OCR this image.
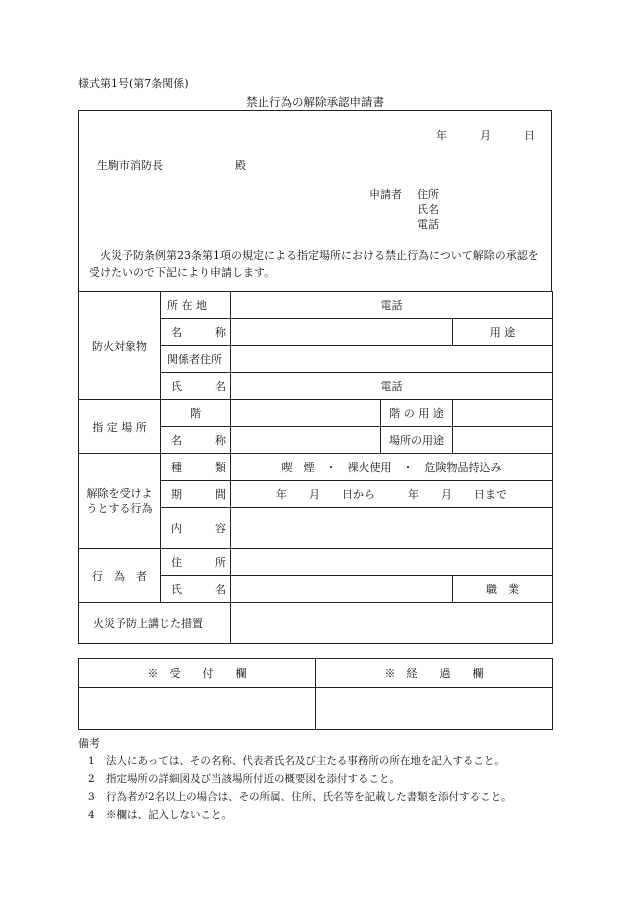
様式第1号(第7条関係)
禁止行為の解除承認申請書
年	月	日
生駒市消防長	殿
申請者 住所
氏名
電話
火災予防条例第23条第1項の規定による指定場所における禁止行為について解除の承認を受けたいので下記により申請します。
防火対象物	所 在 地	電話			
	名　　　称			用 途	
	関係者住所				
	氏　　　名	電話			
指 定 場 所	階		階 の 用 途		
	名　　　称		場所の用途		
解除を受けようとする行為	種　　　類	喫　煙　・　裸火使用　・　危険物品持込み			
	期　　　間	年　　月　　日から　　　年　　月　　日まで			
	内　　　容				
行　為　者	住　　　所				
	氏　　　名			職　業	
火災予防上講じた措置					
※　受　　付　　欄	※　経　　過　　欄

備考
1 法人にあっては、その名称、代表者氏名及び主たる事務所の所在地を記入すること。
2 指定場所の詳細図及び当該場所付近の概要図を添付すること。
3 行為者が2名以上の場合は、その所属、住所、氏名等を記載した書類を添付すること。
4 ※欄は、記入しないこと。
